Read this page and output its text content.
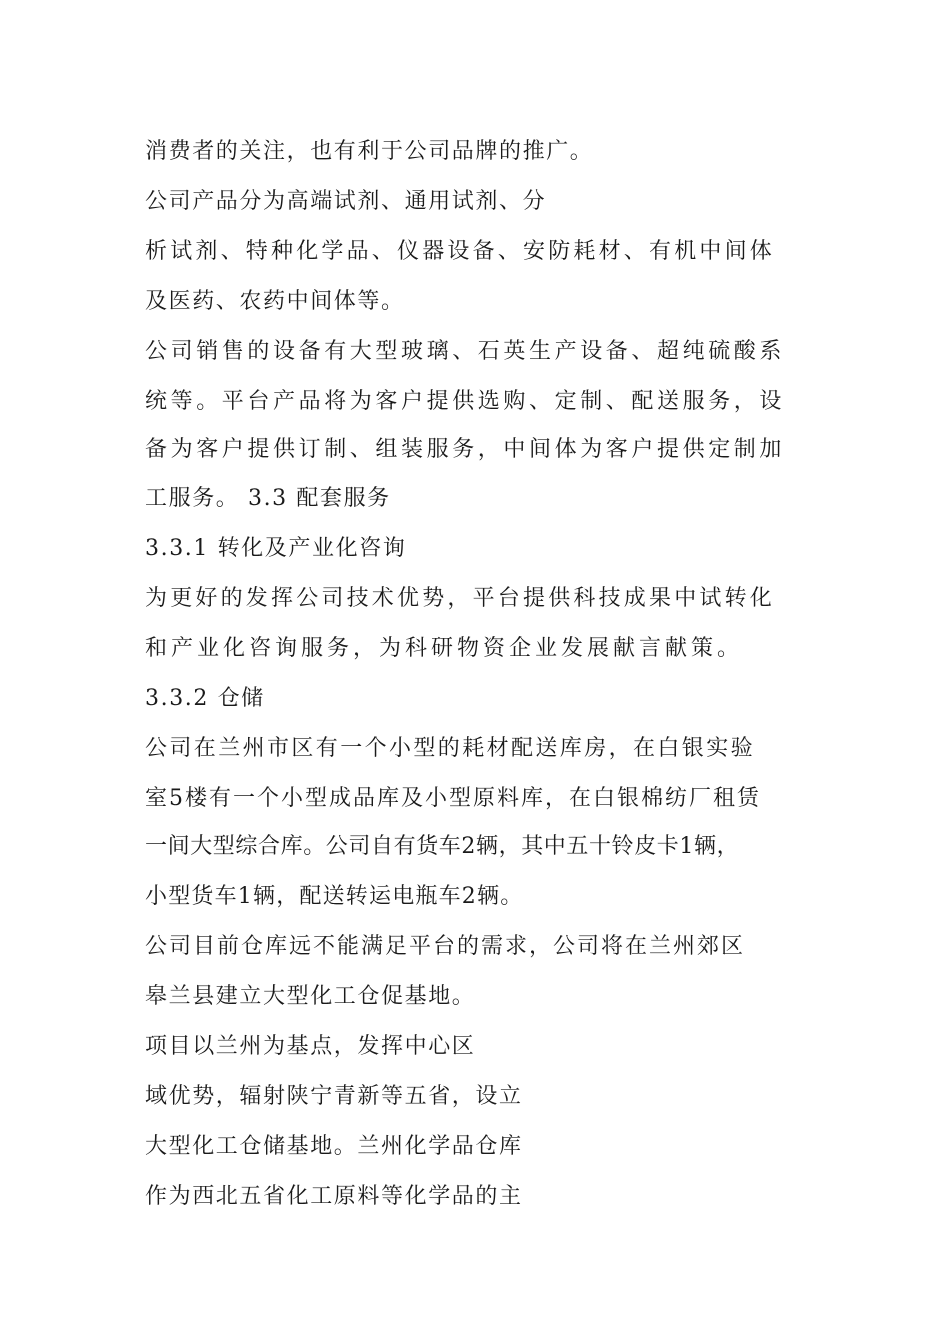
消费者的关注，也有利于公司品牌的推广。

公司产品分为高端试剂、通用试剂、分

析试剂、特种化学品、仪器设备、安防耗材、有机中间体

及医药、农药中间体等。

公司销售的设备有大型玻璃、石英生产设备、超纯硫酸系

统等。平台产品将为客户提供选购、定制、配送服务，设

备为客户提供订制、组装服务，中间体为客户提供定制加

工服务。 3.3 配套服务

3.3.1 转化及产业化咨询

为更好的发挥公司技术优势，平台提供科技成果中试转化

和产业化咨询服务，为科研物资企业发展献言献策。

3.3.2 仓储

公司在兰州市区有一个小型的耗材配送库房，在白银实验

室5楼有一个小型成品库及小型原料库，在白银棉纺厂租赁

一间大型综合库。公司自有货车2辆，其中五十铃皮卡1辆，

小型货车1辆，配送转运电瓶车2辆。

公司目前仓库远不能满足平台的需求，公司将在兰州郊区

皋兰县建立大型化工仓促基地。

项目以兰州为基点，发挥中心区

域优势，辐射陕宁青新等五省，设立

大型化工仓储基地。兰州化学品仓库

作为西北五省化工原料等化学品的主
